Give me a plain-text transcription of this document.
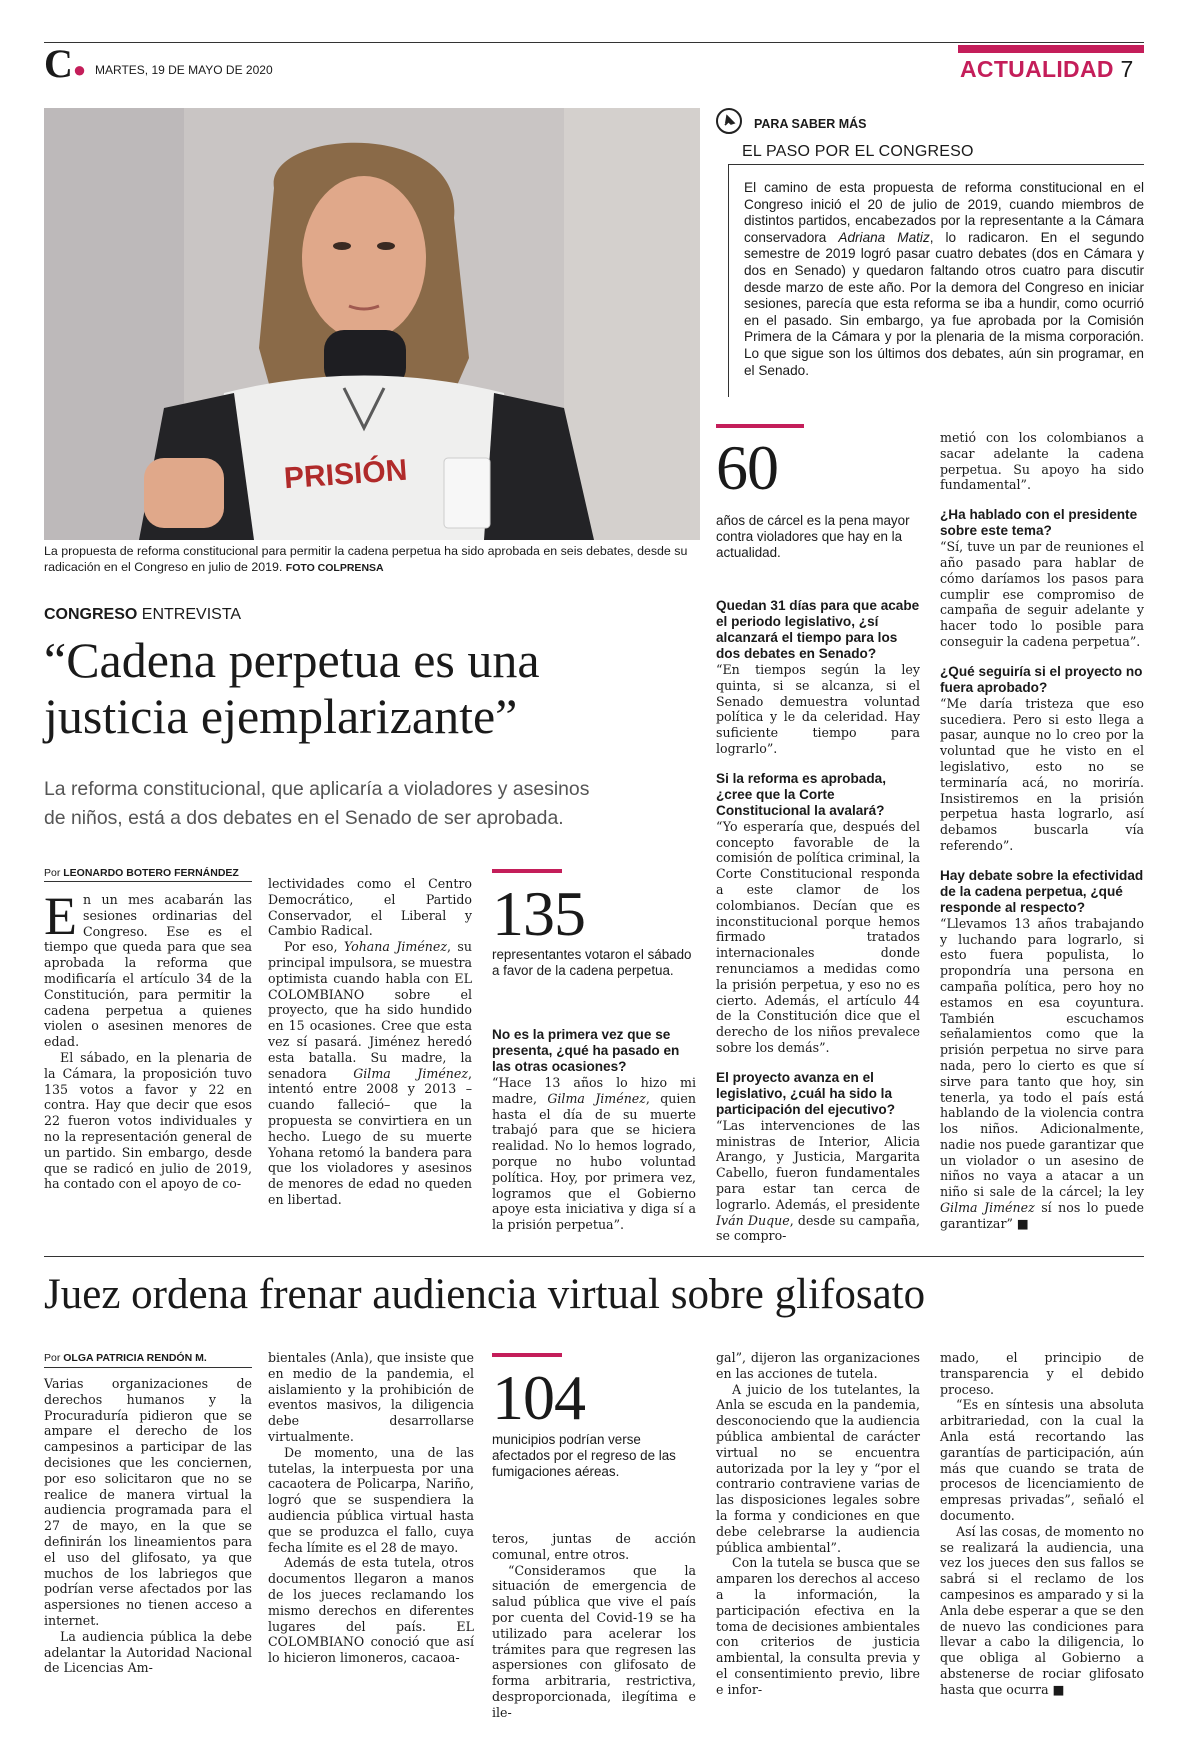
C● MARTES, 19 DE MAYO DE 2020	ACTUALIDAD 7
PRISIÓN
La propuesta de reforma constitucional para permitir la cadena perpetua ha sido aprobada en seis debates, desde su radicación en el Congreso en julio de 2019. FOTO COLPRENSA
PARA SABER MÁS
EL PASO POR EL CONGRESO
El camino de esta propuesta de reforma constitucional en el Congreso inició el 20 de julio de 2019, cuando miembros de distintos partidos, encabezados por la representante a la Cámara conservadora Adriana Matiz, lo radicaron. En el segundo semestre de 2019 logró pasar cuatro debates (dos en Cámara y dos en Senado) y quedaron faltando otros cuatro para discutir desde marzo de este año. Por la demora del Congreso en iniciar sesiones, parecía que esta reforma se iba a hundir, como ocurrió en el pasado. Sin embargo, ya fue aprobada por la Comisión Primera de la Cámara y por la plenaria de la misma corporación. Lo que sigue son los últimos dos debates, aún sin programar, en el Senado.
CONGRESO ENTREVISTA
“Cadena perpetua es una
justicia ejemplarizante”
La reforma constitucional, que aplicaría a violadores y asesinos
de niños, está a dos debates en el Senado de ser aprobada.
Por LEONARDO BOTERO FERNÁNDEZ

En un mes acabarán las sesiones ordinarias del Congreso. Ese es el tiempo que queda para que sea aprobada la reforma que modificaría el artículo 34 de la Constitución, para permitir la cadena perpetua a quienes violen o asesinen menores de edad.

El sábado, en la plenaria de la Cámara, la proposición tuvo 135 votos a favor y 22 en contra. Hay que decir que esos 22 fueron votos individuales y no la representación general de un partido. Sin embargo, desde que se radicó en julio de 2019, ha contado con el apoyo de co-

lectividades como el Centro Democrático, el Partido Conservador, el Liberal y Cambio Radical.

Por eso, Yohana Jiménez, su principal impulsora, se muestra optimista cuando habla con EL COLOMBIANO sobre el proyecto, que ha sido hundido en 15 ocasiones. Cree que esta vez sí pasará. Jiménez heredó esta batalla. Su madre, la senadora Gilma Jiménez, intentó entre 2008 y 2013 –cuando falleció– que la propuesta se convirtiera en un hecho. Luego de su muerte Yohana retomó la bandera para que los violadores y asesinos de menores de edad no queden en libertad.

135
representantes votaron el sábado a favor de la cadena perpetua.
No es la primera vez que se presenta, ¿qué ha pasado en las otras ocasiones?
“Hace 13 años lo hizo mi madre, Gilma Jiménez, quien hasta el día de su muerte trabajó para que se hiciera realidad. No lo hemos logrado, porque no hubo voluntad política. Hoy, por primera vez, logramos que el Gobierno apoye esta iniciativa y diga sí a la prisión perpetua”.
60
años de cárcel es la pena mayor contra violadores que hay en la actualidad.
Quedan 31 días para que acabe el periodo legislativo, ¿sí alcanzará el tiempo para los dos debates en Senado?
“En tiempos según la ley quinta, si se alcanza, si el Senado demuestra voluntad política y le da celeridad. Hay suficiente tiempo para lograrlo”.
Si la reforma es aprobada, ¿cree que la Corte Constitucional la avalará?
“Yo esperaría que, después del concepto favorable de la comisión de política criminal, la Corte Constitucional responda a este clamor de los colombianos. Decían que es inconstitucional porque hemos firmado tratados internacionales donde renunciamos a medidas como la prisión perpetua, y eso no es cierto. Además, el artículo 44 de la Constitución dice que el derecho de los niños prevalece sobre los demás”.
El proyecto avanza en el legislativo, ¿cuál ha sido la participación del ejecutivo?
“Las intervenciones de las ministras de Interior, Alicia Arango, y Justicia, Margarita Cabello, fueron fundamentales para estar tan cerca de lograrlo. Además, el presidente Iván Duque, desde su campaña, se compro-
metió con los colombianos a sacar adelante la cadena perpetua. Su apoyo ha sido fundamental”.
¿Ha hablado con el presidente sobre este tema?
“Sí, tuve un par de reuniones el año pasado para hablar de cómo daríamos los pasos para cumplir ese compromiso de campaña de seguir adelante y hacer todo lo posible para conseguir la cadena perpetua”.
¿Qué seguiría si el proyecto no fuera aprobado?
“Me daría tristeza que eso sucediera. Pero si esto llega a pasar, aunque no lo creo por la voluntad que he visto en el legislativo, esto no se terminaría acá, no moriría. Insistiremos en la prisión perpetua hasta lograrlo, así debamos buscarla vía referendo”.
Hay debate sobre la efectividad de la cadena perpetua, ¿qué responde al respecto?
“Llevamos 13 años trabajando y luchando para lograrlo, si esto fuera populista, lo propondría una persona en campaña política, pero hoy no estamos en esa coyuntura. También escuchamos señalamientos como que la prisión perpetua no sirve para nada, pero lo cierto es que sí sirve para tanto que hoy, sin tenerla, ya todo el país está hablando de la violencia contra los niños. Adicionalmente, nadie nos puede garantizar que un violador o un asesino de niños no vaya a atacar a un niño si sale de la cárcel; la ley Gilma Jiménez sí nos lo puede garantizar” ■
Juez ordena frenar audiencia virtual sobre glifosato
Por OLGA PATRICIA RENDÓN M.

Varias organizaciones de derechos humanos y la Procuraduría pidieron que se ampare el derecho de los campesinos a participar de las decisiones que les conciernen, por eso solicitaron que no se realice de manera virtual la audiencia programada para el 27 de mayo, en la que se definirán los lineamientos para el uso del glifosato, ya que muchos de los labriegos que podrían verse afectados por las aspersiones no tienen acceso a internet.

La audiencia pública la debe adelantar la Autoridad Nacional de Licencias Am-

bientales (Anla), que insiste que en medio de la pandemia, el aislamiento y la prohibición de eventos masivos, la diligencia debe desarrollarse virtualmente.

De momento, una de las tutelas, la interpuesta por una cacaotera de Policarpa, Nariño, logró que se suspendiera la audiencia pública virtual hasta que se produzca el fallo, cuya fecha límite es el 28 de mayo.

Además de esta tutela, otros documentos llegaron a manos de los jueces reclamando los mismo derechos en diferentes lugares del país. EL COLOMBIANO conoció que así lo hicieron limoneros, cacaoa-

104
municipios podrían verse afectados por el regreso de las fumigaciones aéreas.

teros, juntas de acción comunal, entre otros.

“Consideramos que la situación de emergencia de salud pública que vive el país por cuenta del Covid-19 se ha utilizado para acelerar los trámites para que regresen las aspersiones con glifosato de forma arbitraria, restrictiva, desproporcionada, ilegítima e ile-

gal”, dijeron las organizaciones en las acciones de tutela.

A juicio de los tutelantes, la Anla se escuda en la pandemia, desconociendo que la audiencia pública ambiental de carácter virtual no se encuentra autorizada por la ley y “por el contrario contraviene varias de las disposiciones legales sobre la forma y condiciones en que debe celebrarse la audiencia pública ambiental”.

Con la tutela se busca que se amparen los derechos al acceso a la información, la participación efectiva en la toma de decisiones ambientales con criterios de justicia ambiental, la consulta previa y el consentimiento previo, libre e infor-

mado, el principio de transparencia y el debido proceso.

“Es en síntesis una absoluta arbitrariedad, con la cual la Anla está recortando las garantías de participación, aún más que cuando se trata de procesos de licenciamiento de empresas privadas”, señaló el documento.

Así las cosas, de momento no se realizará la audiencia, una vez los jueces den sus fallos se sabrá si el reclamo de los campesinos es amparado y si la Anla debe esperar a que se den de nuevo las condiciones para llevar a cabo la diligencia, lo que obliga al Gobierno a abstenerse de rociar glifosato hasta que ocurra ■
